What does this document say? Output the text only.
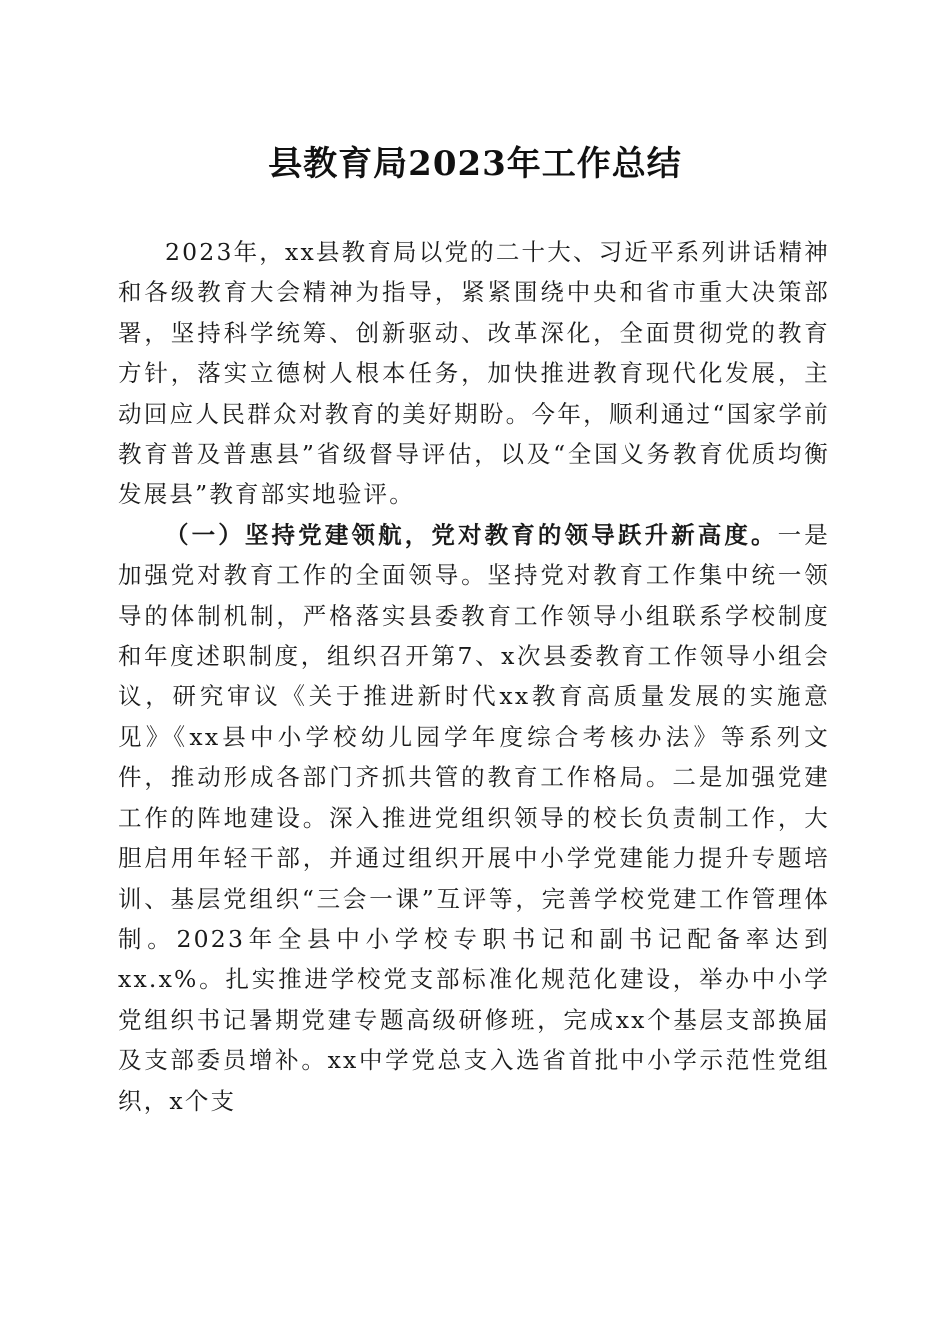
县教育局2023年工作总结

2023年，xx县教育局以党的二十大、习近平系列讲话精神和各级教育大会精神为指导，紧紧围绕中央和省市重大决策部署，坚持科学统筹、创新驱动、改革深化，全面贯彻党的教育方针，落实立德树人根本任务，加快推进教育现代化发展，主动回应人民群众对教育的美好期盼。今年，顺利通过“国家学前教育普及普惠县”省级督导评估，以及“全国义务教育优质均衡发展县”教育部实地验评。

（一）坚持党建领航，党对教育的领导跃升新高度。一是加强党对教育工作的全面领导。坚持党对教育工作集中统一领导的体制机制，严格落实县委教育工作领导小组联系学校制度和年度述职制度，组织召开第7、x次县委教育工作领导小组会议，研究审议《关于推进新时代xx教育高质量发展的实施意见》《xx县中小学校幼儿园学年度综合考核办法》等系列文件，推动形成各部门齐抓共管的教育工作格局。二是加强党建工作的阵地建设。深入推进党组织领导的校长负责制工作，大胆启用年轻干部，并通过组织开展中小学党建能力提升专题培训、基层党组织“三会一课”互评等，完善学校党建工作管理体制。2023年全县中小学校专职书记和副书记配备率达到xx.x%。扎实推进学校党支部标准化规范化建设，举办中小学党组织书记暑期党建专题高级研修班，完成xx个基层支部换届及支部委员增补。xx中学党总支入选省首批中小学示范性党组织，x个支
